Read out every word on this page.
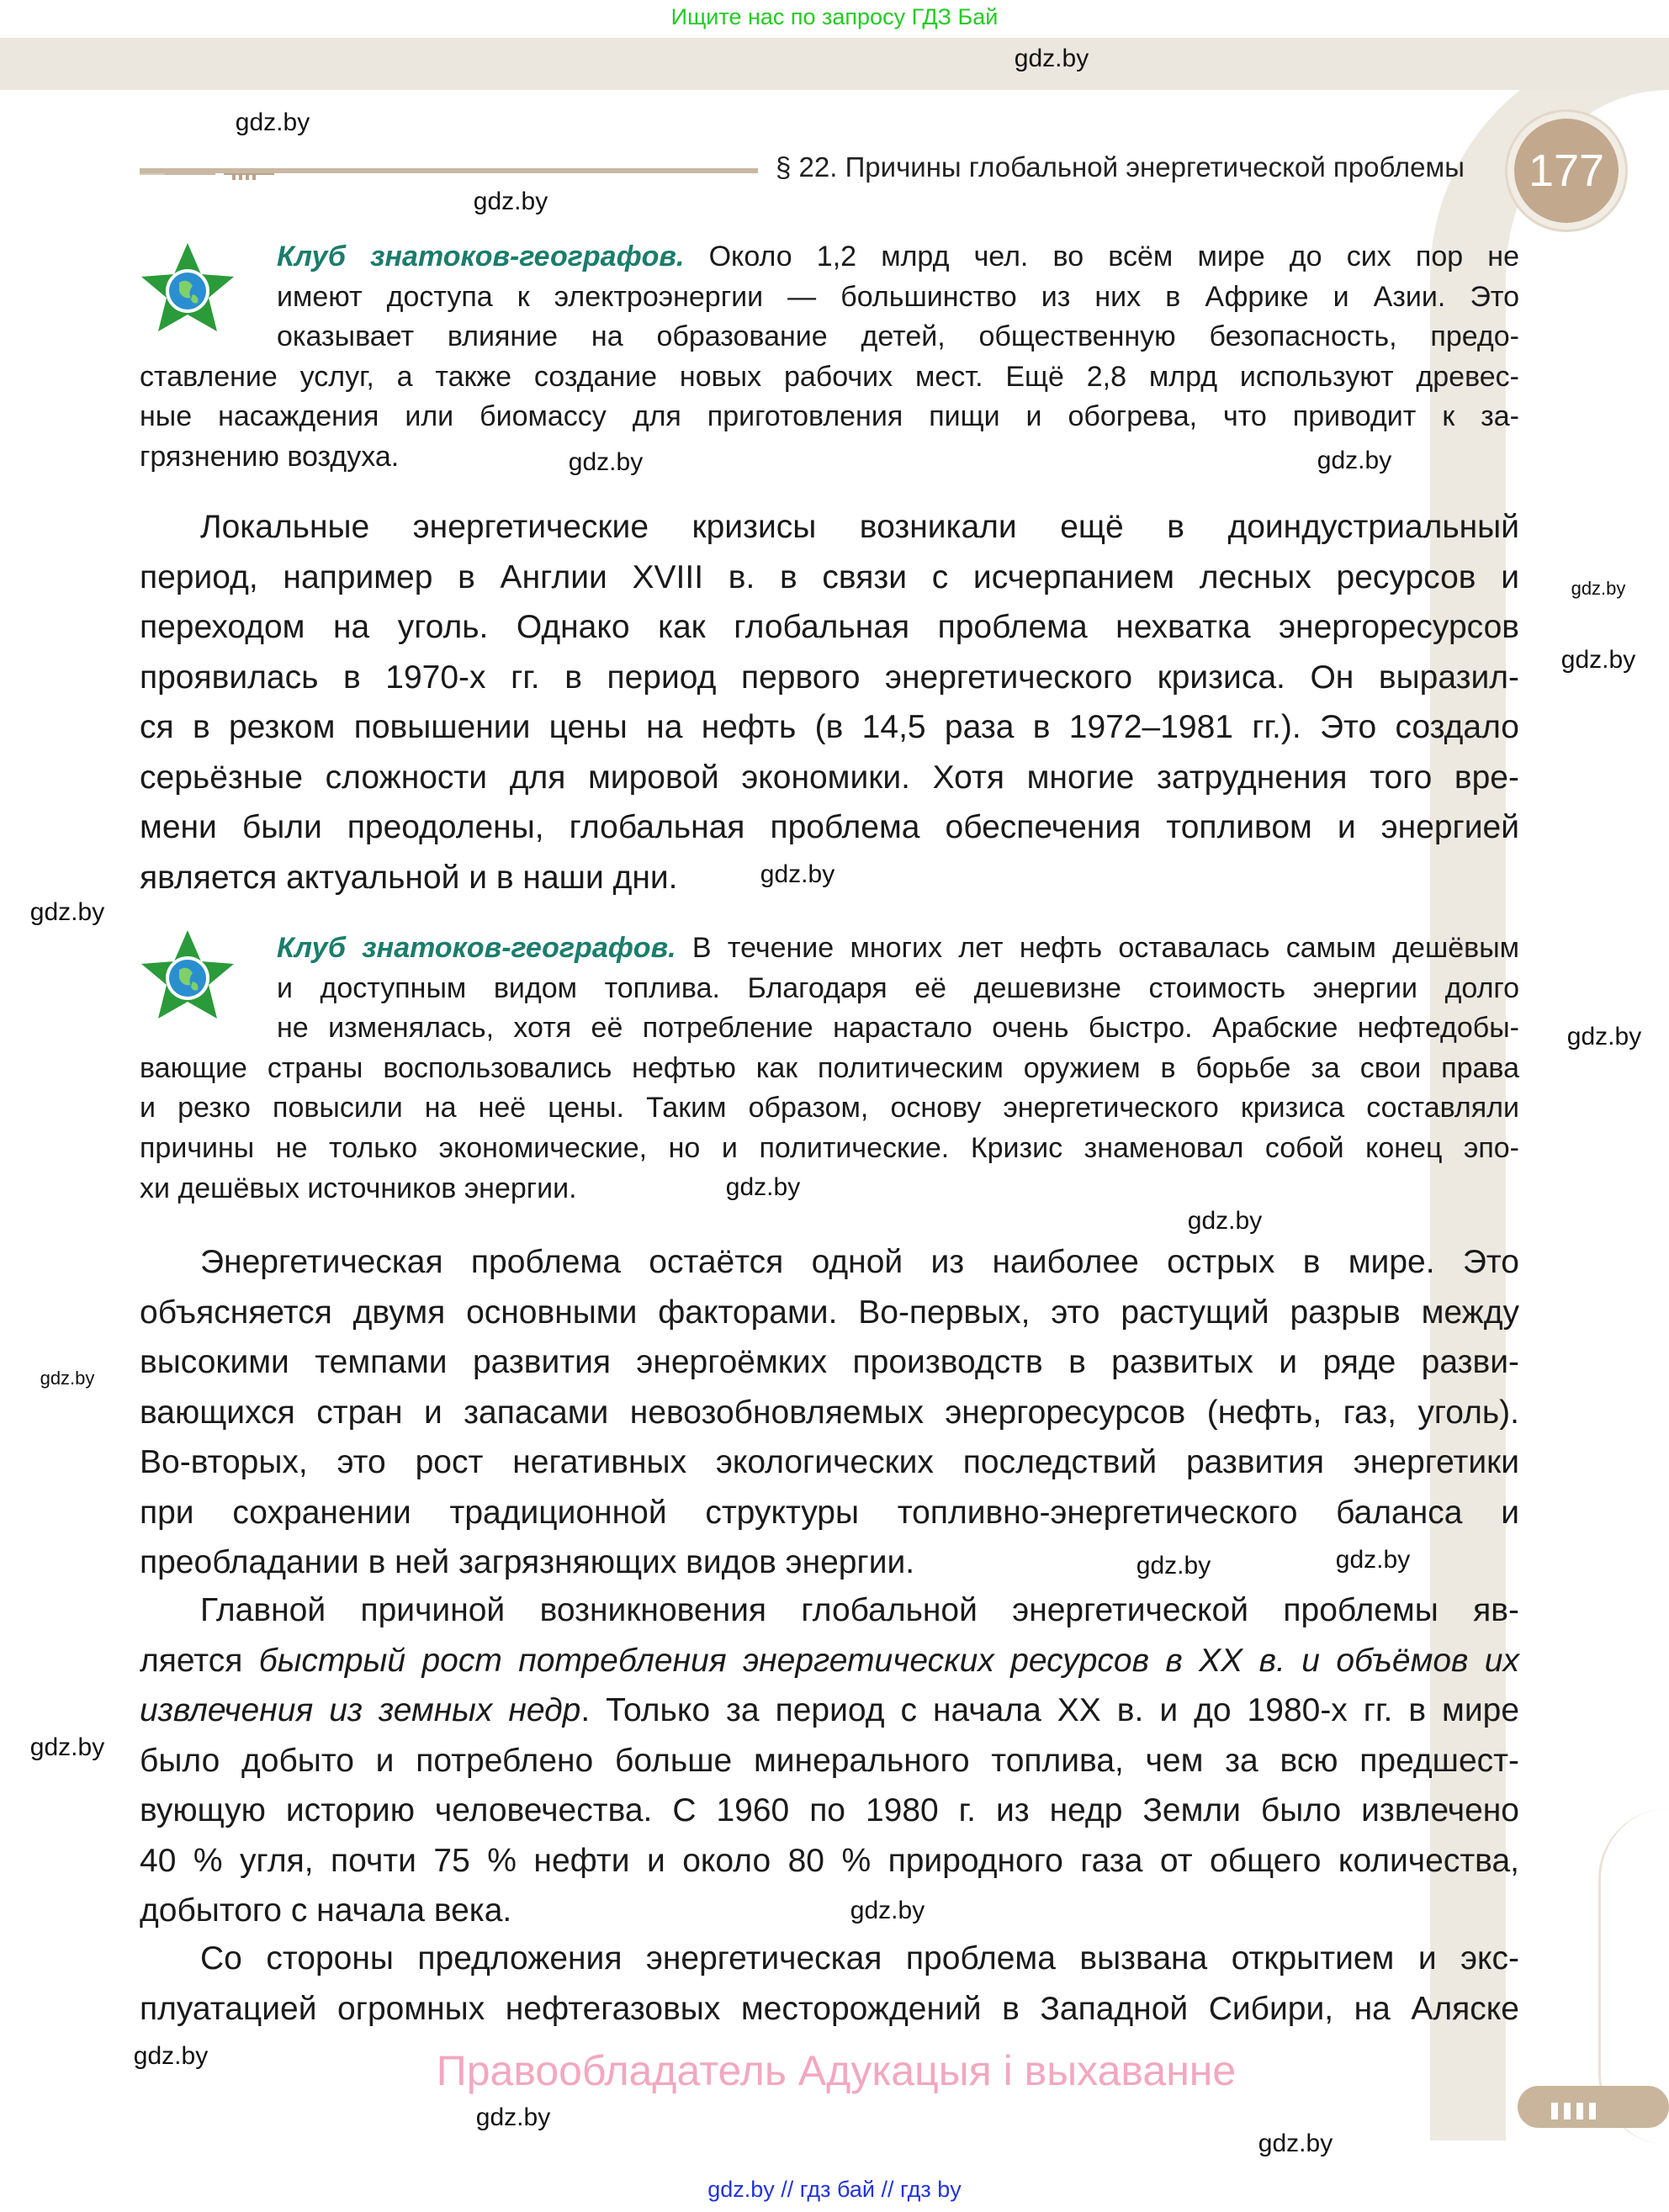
Ищите нас по запросу ГДЗ Бай
§ 22. Причины глобальной энергетической проблемы	177
Клуб знатоков-географов. Около 1,2 млрд чел. во всём мире до сих пор не
имеют доступа к электроэнергии — большинство из них в Африке и Азии. Это
оказывает влияние на образование детей, общественную безопасность, предо-
ставление услуг, а также создание новых рабочих мест. Ещё 2,8 млрд используют древес-
ные насаждения или биомассу для приготовления пищи и обогрева, что приводит к за-
грязнению воздуха.
Локальные энергетические кризисы возникали ещё в доиндустриальный
период, например в Англии XVIII в. в связи с исчерпанием лесных ресурсов и
переходом на уголь. Однако как глобальная проблема нехватка энергоресурсов
проявилась в 1970-х гг. в период первого энергетического кризиса. Он выразил-
ся в резком повышении цены на нефть (в 14,5 раза в 1972–1981 гг.). Это создало
серьёзные сложности для мировой экономики. Хотя многие затруднения того вре-
мени были преодолены, глобальная проблема обеспечения топливом и энергией
является актуальной и в наши дни.
Клуб знатоков-географов. В течение многих лет нефть оставалась самым дешёвым
и доступным видом топлива. Благодаря её дешевизне стоимость энергии долго
не изменялась, хотя её потребление нарастало очень быстро. Арабские нефтедобы-
вающие страны воспользовались нефтью как политическим оружием в борьбе за свои права
и резко повысили на неё цены. Таким образом, основу энергетического кризиса составляли
причины не только экономические, но и политические. Кризис знаменовал собой конец эпо-
хи дешёвых источников энергии.
Энергетическая проблема остаётся одной из наиболее острых в мире. Это
объясняется двумя основными факторами. Во-первых, это растущий разрыв между
высокими темпами развития энергоёмких производств в развитых и ряде разви-
вающихся стран и запасами невозобновляемых энергоресурсов (нефть, газ, уголь).
Во-вторых, это рост негативных экологических последствий развития энергетики
при сохранении традиционной структуры топливно-энергетического баланса и
преобладании в ней загрязняющих видов энергии.
Главной причиной возникновения глобальной энергетической проблемы яв-
ляется быстрый рост потребления энергетических ресурсов в XX в. и объёмов их
извлечения из земных недр. Только за период с начала XX в. и до 1980-х гг. в мире
было добыто и потреблено больше минерального топлива, чем за всю предшест-
вующую историю человечества. С 1960 по 1980 г. из недр Земли было извлечено
40 % угля, почти 75 % нефти и около 80 % природного газа от общего количества,
добытого с начала века.
Со стороны предложения энергетическая проблема вызвана открытием и экс-
плуатацией огромных нефтегазовых месторождений в Западной Сибири, на Аляске
Правообладатель Адукацыя і выхаванне
gdz.by // гдз бай // гдз by
gdz.by
gdz.by
gdz.by
gdz.by
gdz.by
gdz.by
gdz.by
gdz.by
gdz.by
gdz.by
gdz.by
gdz.by
gdz.by
gdz.by
gdz.by
gdz.by
gdz.by
gdz.by
gdz.by
gdz.by
